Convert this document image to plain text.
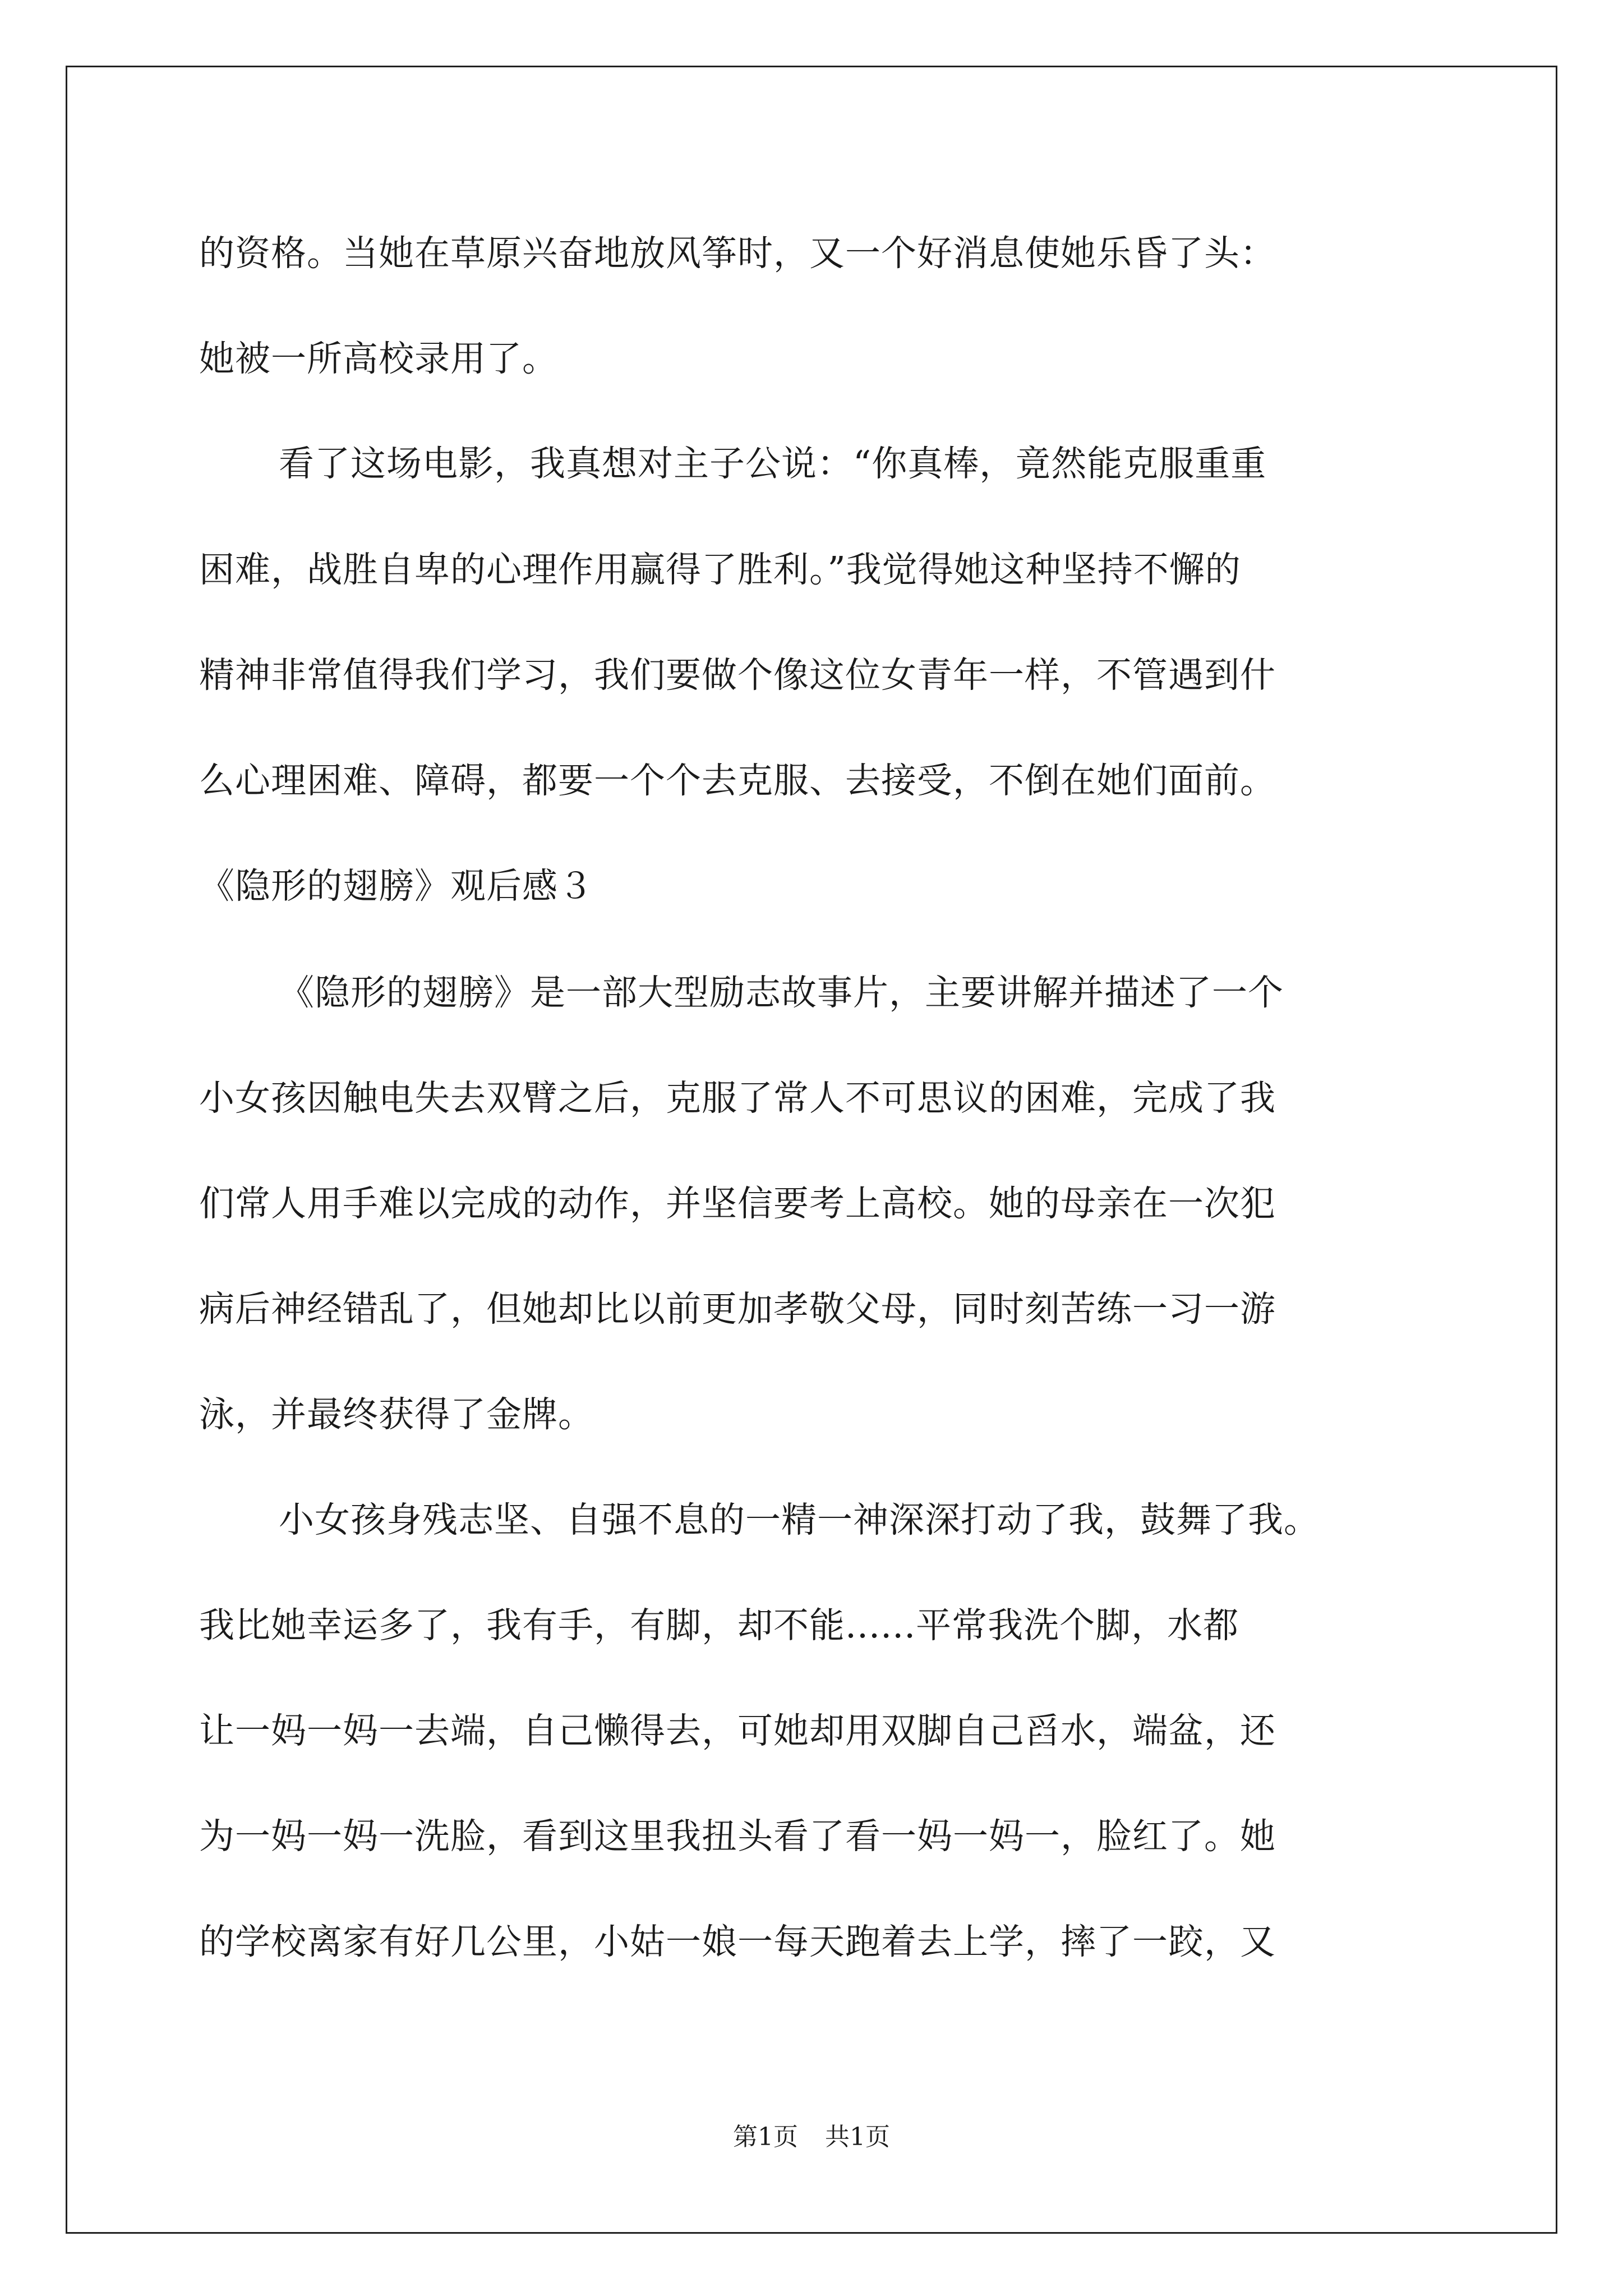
的资格。当她在草原兴奋地放风筝时，又一个好消息使她乐昏了头：
她被一所高校录用了。
看了这场电影，我真想对主子公说：“你真棒，竟然能克服重重
困难，战胜自卑的心理作用赢得了胜利。”我觉得她这种坚持不懈的
精神非常值得我们学习，我们要做个像这位女青年一样，不管遇到什
么心理困难、障碍，都要一个个去克服、去接受，不倒在她们面前。
《隐形的翅膀》观后感３
《隐形的翅膀》是一部大型励志故事片，主要讲解并描述了一个
小女孩因触电失去双臂之后，克服了常人不可思议的困难，完成了我
们常人用手难以完成的动作，并坚信要考上高校。她的母亲在一次犯
病后神经错乱了，但她却比以前更加孝敬父母，同时刻苦练一习一游
泳，并最终获得了金牌。
小女孩身残志坚、自强不息的一精一神深深打动了我，鼓舞了我。
我比她幸运多了，我有手，有脚，却不能......平常我洗个脚，水都
让一妈一妈一去端，自己懒得去，可她却用双脚自己舀水，端盆，还
为一妈一妈一洗脸，看到这里我扭头看了看一妈一妈一，脸红了。她
的学校离家有好几公里，小姑一娘一每天跑着去上学，摔了一跤，又
第1页 共1页
